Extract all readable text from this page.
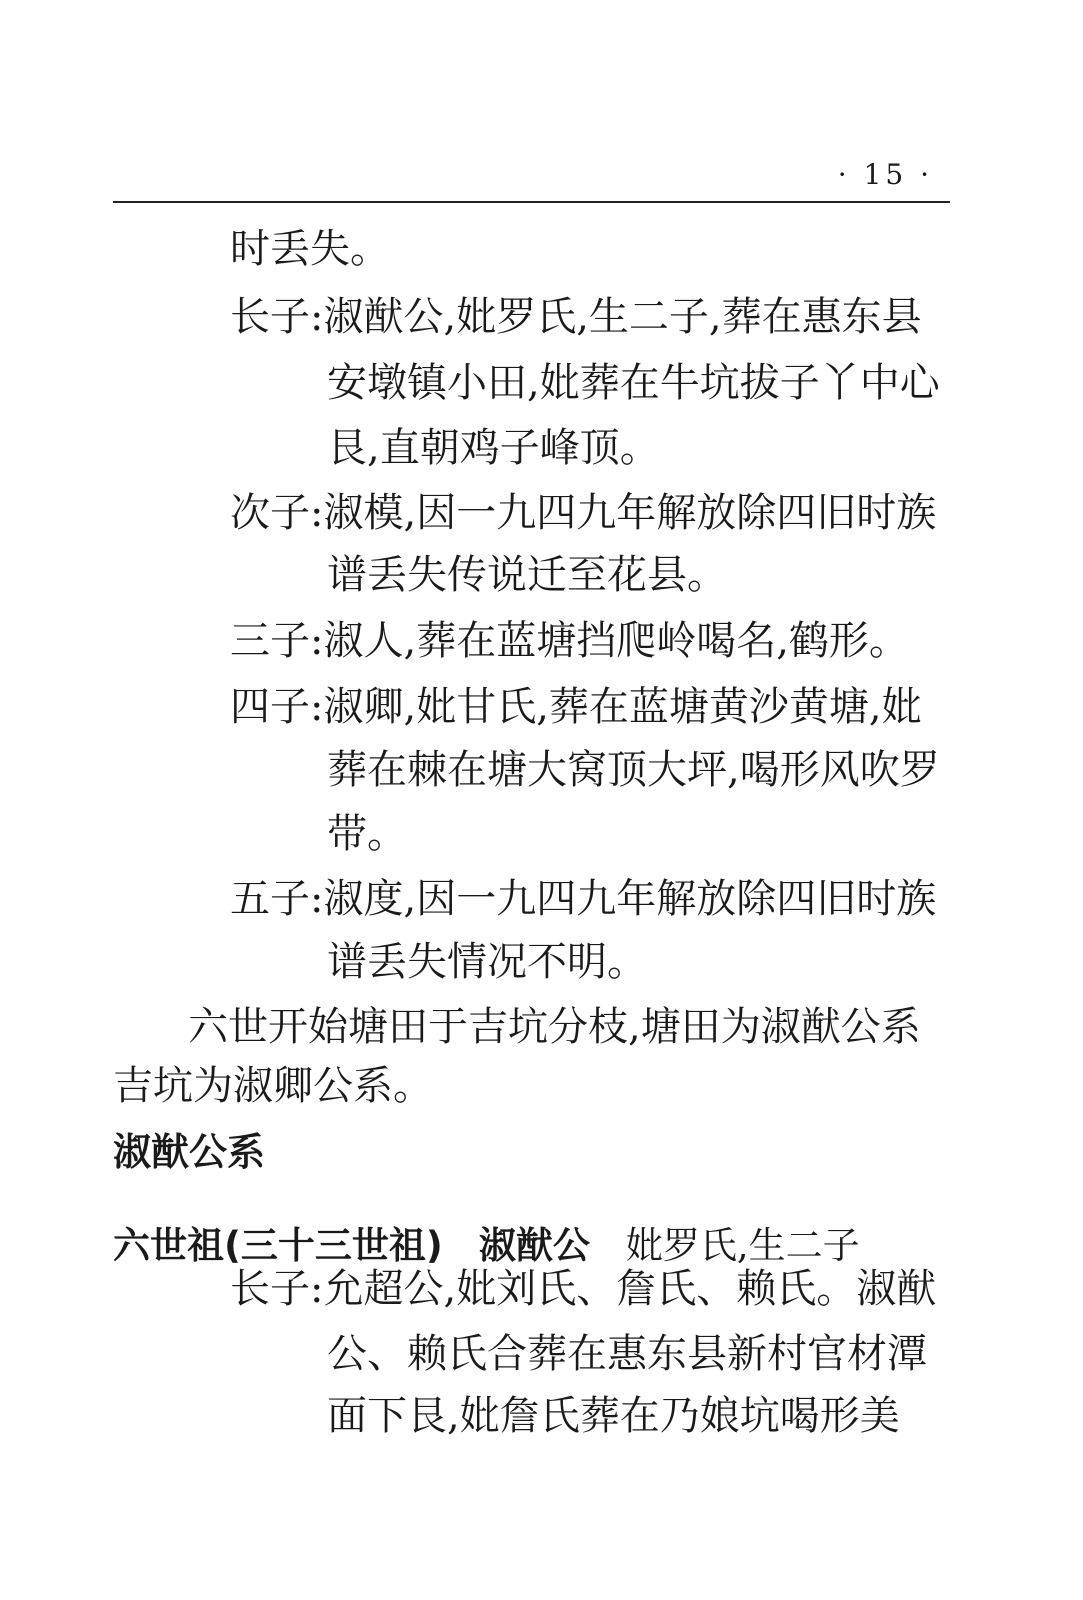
· 15 ·
时丢失。
长子:淑猷公,妣罗氏,生二子,葬在惠东县
安墩镇小田,妣葬在牛坑拔子丫中心
艮,直朝鸡子峰顶。
次子:淑模,因一九四九年解放除四旧时族
谱丢失传说迁至花县。
三子:淑人,葬在蓝塘挡爬岭喝名,鹤形。
四子:淑卿,妣甘氏,葬在蓝塘黄沙黄塘,妣
葬在棘在塘大窝顶大坪,喝形风吹罗
带。
五子:淑度,因一九四九年解放除四旧时族
谱丢失情况不明。
六世开始塘田于吉坑分枝,塘田为淑猷公系
吉坑为淑卿公系。
淑猷公系
六世祖(三十三世祖) 淑猷公 妣罗氏,生二子
长子:允超公,妣刘氏、詹氏、赖氏。淑猷
公、赖氏合葬在惠东县新村官材潭
面下艮,妣詹氏葬在乃娘坑喝形美
